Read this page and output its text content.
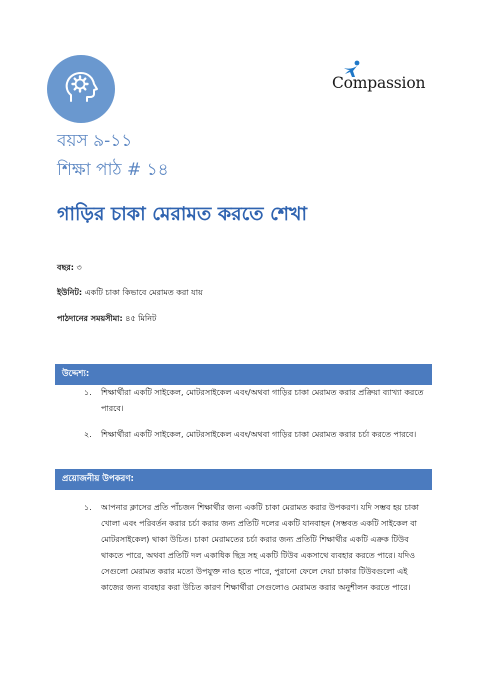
Compassion
বয়স ৯-১১
শিক্ষা পাঠ # ১৪
গাড়ির চাকা মেরামত করতে শেখা
বছর: ৩
ইউনিট: একটি চাকা কিভাবে মেরামত করা যায়
পাঠদানের সময়সীমা: ৪৫ মিনিট
উদ্দেশ্য:
১.	শিক্ষার্থীরা একটি সাইকেল, মোটরসাইকেল এবং/অথবা গাড়ির চাকা মেরামত করার প্রক্রিয়া ব্যাখ্যা করতে পারবে।
২.	শিক্ষার্থীরা একটি সাইকেল, মোটরসাইকেল এবং/অথবা গাড়ির চাকা মেরামত করার চর্চা করতে পারবে।
প্রয়োজনীয় উপকরণ:
১.	আপনার ক্লাসের প্রতি পাঁচজন শিক্ষার্থীর জন্য একটি চাকা মেরামত করার উপকরণ। যদি সম্ভব হয় চাকা খোলা এবং পরিবর্তন করার চর্চা করার জন্য প্রতিটি দলের একটি যানবাহন (সম্ভবত একটি সাইকেল বা মোটরসাইকেল) থাকা উচিত। চাকা মেরামতের চর্চা করার জন্য প্রতিটি শিক্ষার্থীর একটি এক্রক টিউব থাকতে পারে, অথবা প্রতিটি দল একাধিক ছিদ্র সহ একটি টিউব একসাথে ব্যবহার করতে পারে। যদিও সেগুলো মেরামত করার মতো উপযুক্ত নাও হতে পারে, পুরানো ফেলে দেয়া চাকার টিউবগুলো এই কাজের জন্য ব্যবহার করা উচিত কারণ শিক্ষার্থীরা সেগুলোও মেরামত করার অনুশীলন করতে পারে।
